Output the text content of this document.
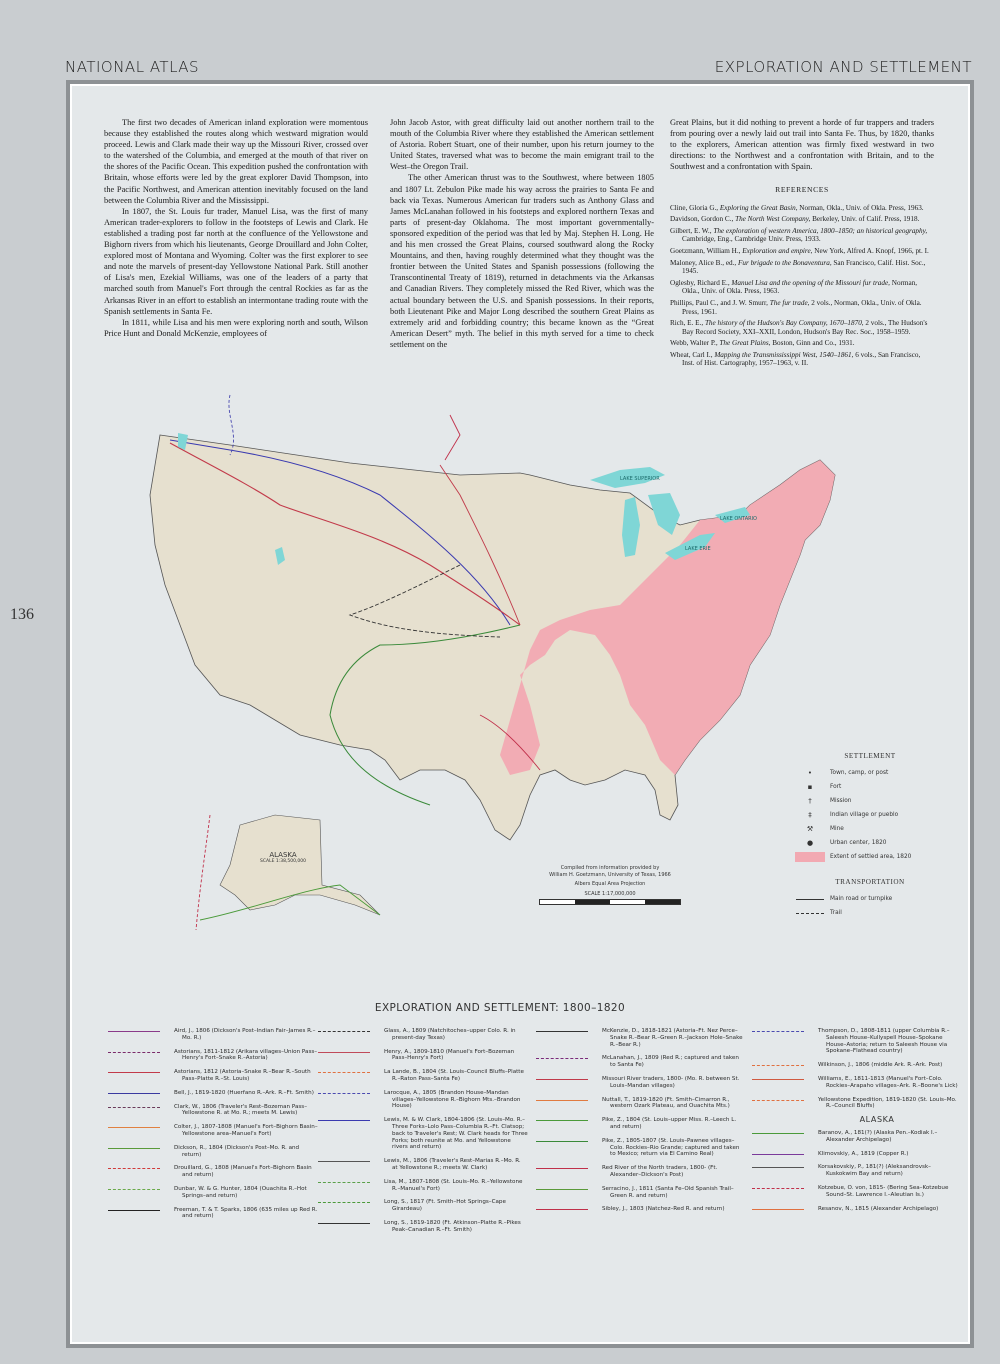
NATIONAL ATLAS	EXPLORATION AND SETTLEMENT
136

The first two decades of American inland exploration were momentous because they established the routes along which westward migration would proceed. Lewis and Clark made their way up the Missouri River, crossed over to the watershed of the Columbia, and emerged at the mouth of that river on the shores of the Pacific Ocean. This expedition pushed the confrontation with Britain, whose efforts were led by the great explorer David Thompson, into the Pacific Northwest, and American attention inevitably focused on the land between the Columbia River and the Mississippi.

In 1807, the St. Louis fur trader, Manuel Lisa, was the first of many American trader-explorers to follow in the footsteps of Lewis and Clark. He established a trading post far north at the confluence of the Yellowstone and Bighorn rivers from which his lieutenants, George Drouillard and John Colter, explored most of Montana and Wyoming. Colter was the first explorer to see and note the marvels of present-day Yellowstone National Park. Still another of Lisa's men, Ezekial Williams, was one of the leaders of a party that marched south from Manuel's Fort through the central Rockies as far as the Arkansas River in an effort to establish an intermontane trading route with the Spanish settlements in Santa Fe.

In 1811, while Lisa and his men were exploring north and south, Wilson Price Hunt and Donald McKenzie, employees of

John Jacob Astor, with great difficulty laid out another northern trail to the mouth of the Columbia River where they established the American settlement of Astoria. Robert Stuart, one of their number, upon his return journey to the United States, traversed what was to become the main emigrant trail to the West–the Oregon Trail.

The other American thrust was to the Southwest, where between 1805 and 1807 Lt. Zebulon Pike made his way across the prairies to Santa Fe and back via Texas. Numerous American fur traders such as Anthony Glass and James McLanahan followed in his footsteps and explored northern Texas and parts of present-day Oklahoma. The most important governmentally-sponsored expedition of the period was that led by Maj. Stephen H. Long. He and his men crossed the Great Plains, coursed southward along the Rocky Mountains, and then, having roughly determined what they thought was the frontier between the United States and Spanish possessions (following the Transcontinental Treaty of 1819), returned in detachments via the Arkansas and Canadian Rivers. They completely missed the Red River, which was the actual boundary between the U.S. and Spanish possessions. In their reports, both Lieutenant Pike and Major Long described the southern Great Plains as extremely arid and forbidding country; this became known as the “Great American Desert” myth. The belief in this myth served for a time to check settlement on the

Great Plains, but it did nothing to prevent a horde of fur trappers and traders from pouring over a newly laid out trail into Santa Fe. Thus, by 1820, thanks to the explorers, American attention was firmly fixed westward in two directions: to the Northwest and a confrontation with Britain, and to the Southwest and a confrontation with Spain.

REFERENCES
Cline, Gloria G., Exploring the Great Basin, Norman, Okla., Univ. of Okla. Press, 1963.
Davidson, Gordon C., The North West Company, Berkeley, Univ. of Calif. Press, 1918.
Gilbert, E. W., The exploration of western America, 1800–1850; an historical geography, Cambridge, Eng., Cambridge Univ. Press, 1933.
Goetzmann, William H., Exploration and empire, New York, Alfred A. Knopf, 1966, pt. I.
Maloney, Alice B., ed., Fur brigade to the Bonaventura, San Francisco, Calif. Hist. Soc., 1945.
Oglesby, Richard E., Manuel Lisa and the opening of the Missouri fur trade, Norman, Okla., Univ. of Okla. Press, 1963.
Phillips, Paul C., and J. W. Smurr, The fur trade, 2 vols., Norman, Okla., Univ. of Okla. Press, 1961.
Rich, E. E., The history of the Hudson's Bay Company, 1670–1870, 2 vols., The Hudson's Bay Record Society, XXI–XXII, London, Hudson's Bay Rec. Soc., 1958–1959.
Webb, Walter P., The Great Plains, Boston, Ginn and Co., 1931.
Wheat, Carl I., Mapping the Transmississippi West, 1540–1861, 6 vols., San Francisco, Inst. of Hist. Cartography, 1957–1963, v. II.
LAKE SUPERIOR
LAKE ERIE
LAKE ONTARIO
ALASKA
SCALE 1:38,500,000
Compiled from information provided by
William H. Goetzmann, University of Texas, 1966
Albers Equal Area Projection
SCALE 1:17,000,000
SETTLEMENT
•	Town, camp, or post
▪	Fort
†	Mission
‡	Indian village or pueblo
⚒	Mine
●	Urban center, 1820
Extent of settled area, 1820
TRANSPORTATION
Main road or turnpike
Trail
EXPLORATION AND SETTLEMENT: 1800–1820
Aird, J., 1806 (Dickson's Post–Indian Fair–James R.–Mo. R.)
Astorians, 1811-1812 (Arikara villages–Union Pass–Henry's Fort–Snake R.–Astoria)
Astorians, 1812 (Astoria–Snake R.–Bear R.–South Pass–Platte R.–St. Louis)
Bell, J., 1819-1820 (Huerfano R.–Ark. R.–Ft. Smith)
Clark, W., 1806 (Traveler's Rest–Bozeman Pass–Yellowstone R. at Mo. R.; meets M. Lewis)
Colter, J., 1807-1808 (Manuel's Fort–Bighorn Basin–Yellowstone area–Manuel's Fort)
Dickson, R., 1804 (Dickson's Post–Mo. R. and return)
Drouillard, G., 1808 (Manuel's Fort–Bighorn Basin and return)
Dunbar, W. & G. Hunter, 1804 (Ouachita R.–Hot Springs–and return)
Freeman, T. & T. Sparks, 1806 (635 miles up Red R. and return)
Glass, A., 1809 (Natchitoches–upper Colo. R. in present-day Texas)
Henry, A., 1809-1810 (Manuel's Fort–Bozeman Pass–Henry's Fort)
La Lande, B., 1804 (St. Louis–Council Bluffs–Platte R.–Raton Pass–Santa Fe)
Larocque, A., 1805 (Brandon House–Mandan villages–Yellowstone R.–Bighorn Mts.–Brandon House)
Lewis, M. & W. Clark, 1804-1806 (St. Louis–Mo. R.–Three Forks–Lolo Pass–Columbia R.–Ft. Clatsop; back to Traveler's Rest; W. Clark heads for Three Forks; both reunite at Mo. and Yellowstone rivers and return)
Lewis, M., 1806 (Traveler's Rest–Marias R.–Mo. R. at Yellowstone R.; meets W. Clark)
Lisa, M., 1807-1808 (St. Louis–Mo. R.–Yellowstone R.–Manuel's Fort)
Long, S., 1817 (Ft. Smith–Hot Springs–Cape Girardeau)
Long, S., 1819-1820 (Ft. Atkinson–Platte R.–Pikes Peak–Canadian R.–Ft. Smith)
McKenzie, D., 1818-1821 (Astoria–Ft. Nez Perce–Snake R.–Bear R.–Green R.–Jackson Hole–Snake R.–Bear R.)
McLanahan, J., 1809 (Red R.; captured and taken to Santa Fe)
Missouri River traders, 1800- (Mo. R. between St. Louis–Mandan villages)
Nuttall, T., 1819-1820 (Ft. Smith–Cimarron R., western Ozark Plateau, and Ouachita Mts.)
Pike, Z., 1804 (St. Louis–upper Miss. R.–Leech L. and return)
Pike, Z., 1805-1807 (St. Louis–Pawnee villages–Colo. Rockies–Rio Grande; captured and taken to Mexico; return via El Camino Real)
Red River of the North traders, 1800- (Ft. Alexander–Dickson's Post)
Serracino, J., 1811 (Santa Fe–Old Spanish Trail–Green R. and return)
Sibley, J., 1803 (Natchez–Red R. and return)
Thompson, D., 1808-1811 (upper Columbia R.–Saleesh House–Kullyspell House–Spokane House–Astoria; return to Saleesh House via Spokane–Flathead country)
Wilkinson, J., 1806 (middle Ark. R.–Ark. Post)
Williams, E., 1811-1813 (Manuel's Fort–Colo. Rockies–Arapaho villages–Ark. R.–Boone's Lick)
Yellowstone Expedition, 1819-1820 (St. Louis–Mo. R.–Council Bluffs)
ALASKA
Baranov, A., 181(?) (Alaska Pen.–Kodiak I.–Alexander Archipelago)
Klimovskiy, A., 1819 (Copper R.)
Korsakovskiy, P., 181(?) (Aleksandrovsk–Kuskokwim Bay and return)
Kotzebue, O. von, 1815- (Bering Sea–Kotzebue Sound–St. Lawrence I.–Aleutian Is.)
Resanov, N., 1815 (Alexander Archipelago)
